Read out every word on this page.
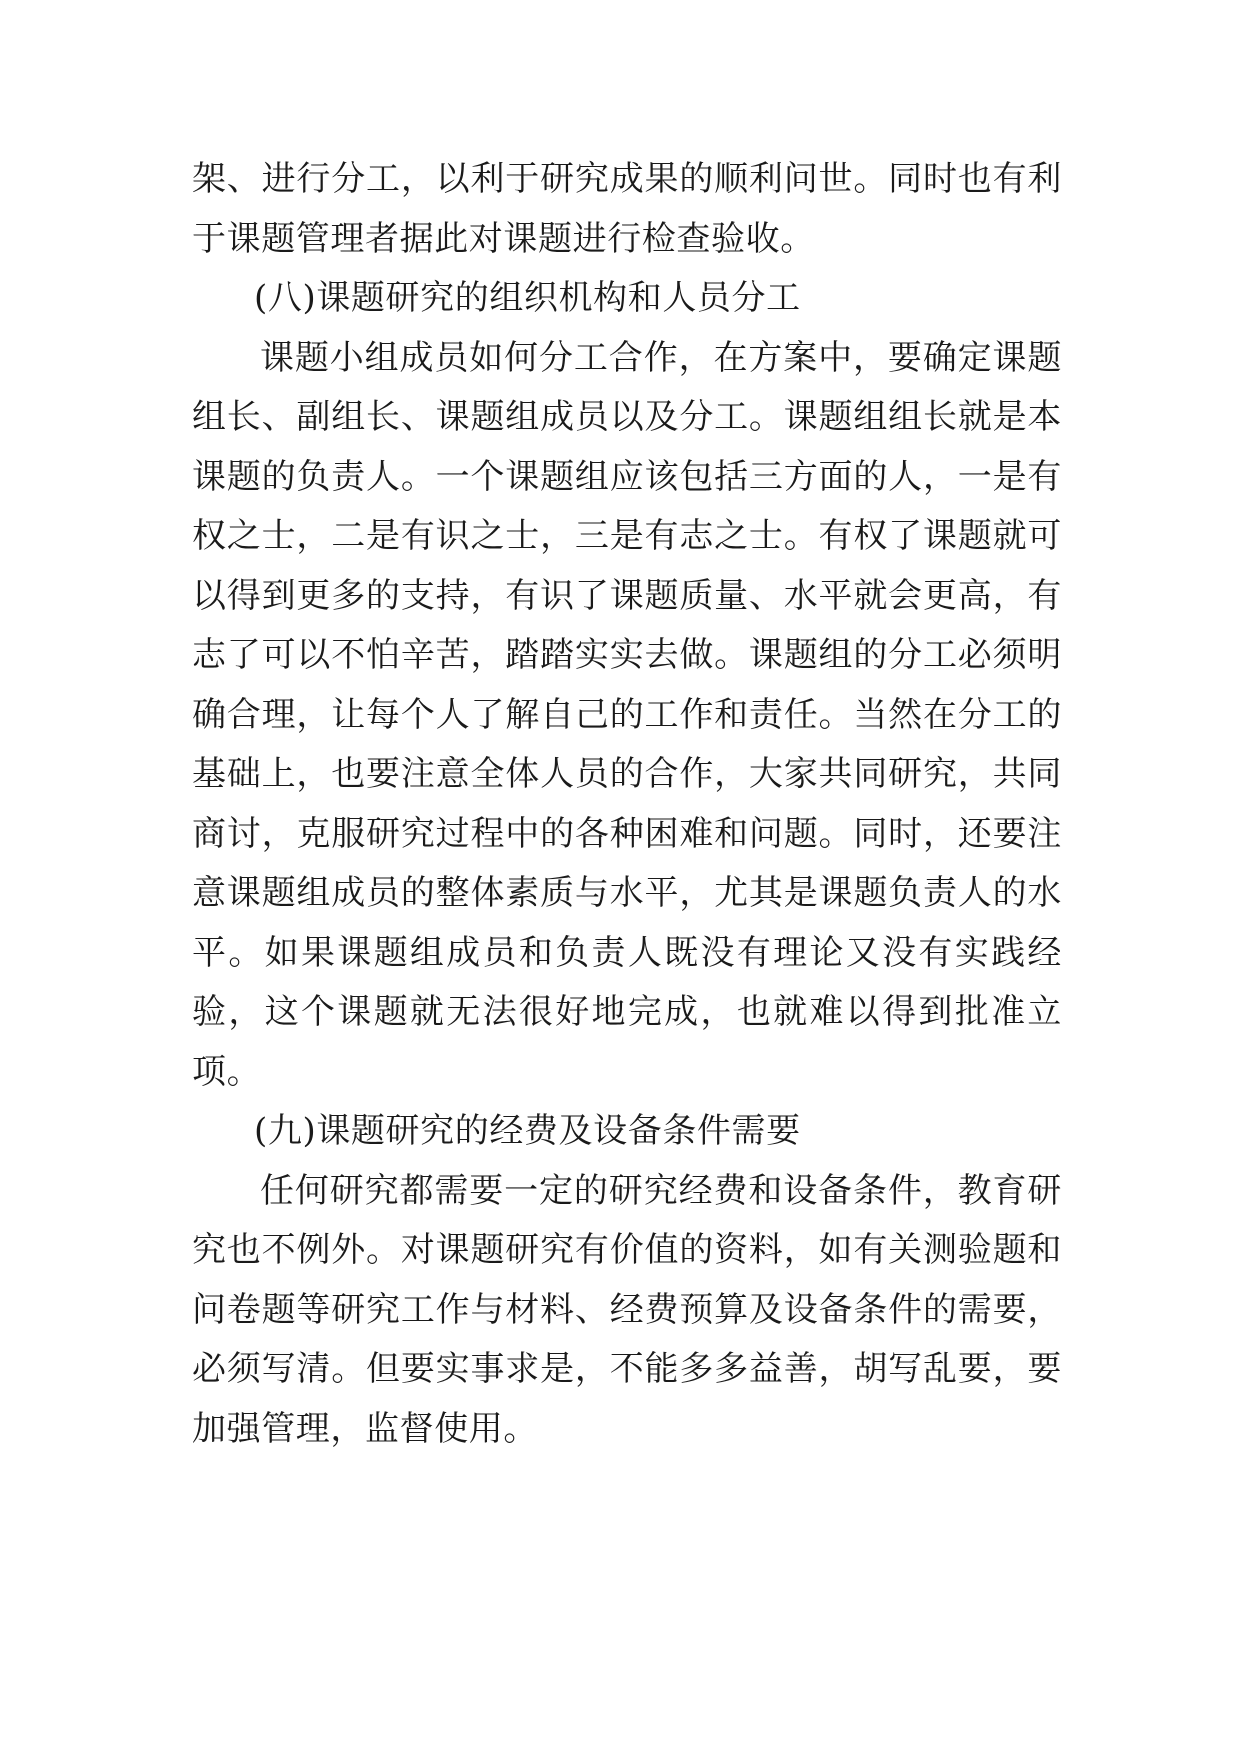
架、进行分工，以利于研究成果的顺利问世。同时也有利于课题管理者据此对课题进行检查验收。

(八)课题研究的组织机构和人员分工

课题小组成员如何分工合作，在方案中，要确定课题组长、副组长、课题组成员以及分工。课题组组长就是本课题的负责人。一个课题组应该包括三方面的人，一是有权之士，二是有识之士，三是有志之士。有权了课题就可以得到更多的支持，有识了课题质量、水平就会更高，有志了可以不怕辛苦，踏踏实实去做。课题组的分工必须明确合理，让每个人了解自己的工作和责任。当然在分工的基础上，也要注意全体人员的合作，大家共同研究，共同商讨，克服研究过程中的各种困难和问题。同时，还要注意课题组成员的整体素质与水平，尤其是课题负责人的水平。如果课题组成员和负责人既没有理论又没有实践经验，这个课题就无法很好地完成，也就难以得到批准立项。

(九)课题研究的经费及设备条件需要

任何研究都需要一定的研究经费和设备条件，教育研究也不例外。对课题研究有价值的资料，如有关测验题和问卷题等研究工作与材料、经费预算及设备条件的需要，必须写清。但要实事求是，不能多多益善，胡写乱要，要加强管理，监督使用。
